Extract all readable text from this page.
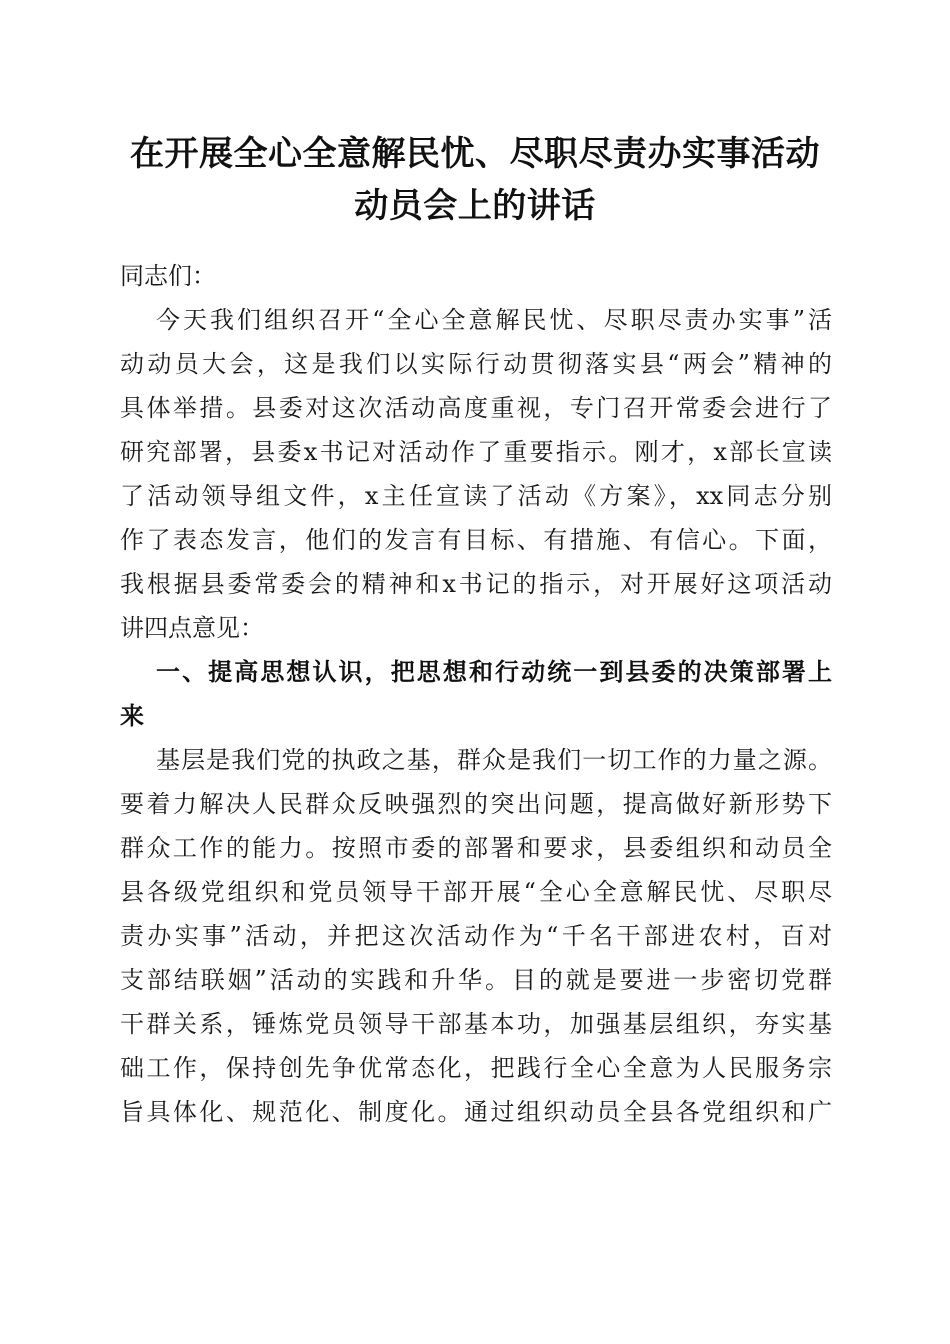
在开展全心全意解民忧、尽职尽责办实事活动
动员会上的讲话
同志们：
今天我们组织召开“全心全意解民忧、尽职尽责办实事”活
动动员大会，这是我们以实际行动贯彻落实县“两会”精神的
具体举措。县委对这次活动高度重视，专门召开常委会进行了
研究部署，县委x书记对活动作了重要指示。刚才，x部长宣读
了活动领导组文件，x主任宣读了活动《方案》，xx同志分别
作了表态发言，他们的发言有目标、有措施、有信心。下面，
我根据县委常委会的精神和x书记的指示，对开展好这项活动
讲四点意见：
一、提高思想认识，把思想和行动统一到县委的决策部署上
来
基层是我们党的执政之基，群众是我们一切工作的力量之源。
要着力解决人民群众反映强烈的突出问题，提高做好新形势下
群众工作的能力。按照市委的部署和要求，县委组织和动员全
县各级党组织和党员领导干部开展“全心全意解民忧、尽职尽
责办实事”活动，并把这次活动作为“千名干部进农村，百对
支部结联姻”活动的实践和升华。目的就是要进一步密切党群
干群关系，锤炼党员领导干部基本功，加强基层组织，夯实基
础工作，保持创先争优常态化，把践行全心全意为人民服务宗
旨具体化、规范化、制度化。通过组织动员全县各党组织和广
